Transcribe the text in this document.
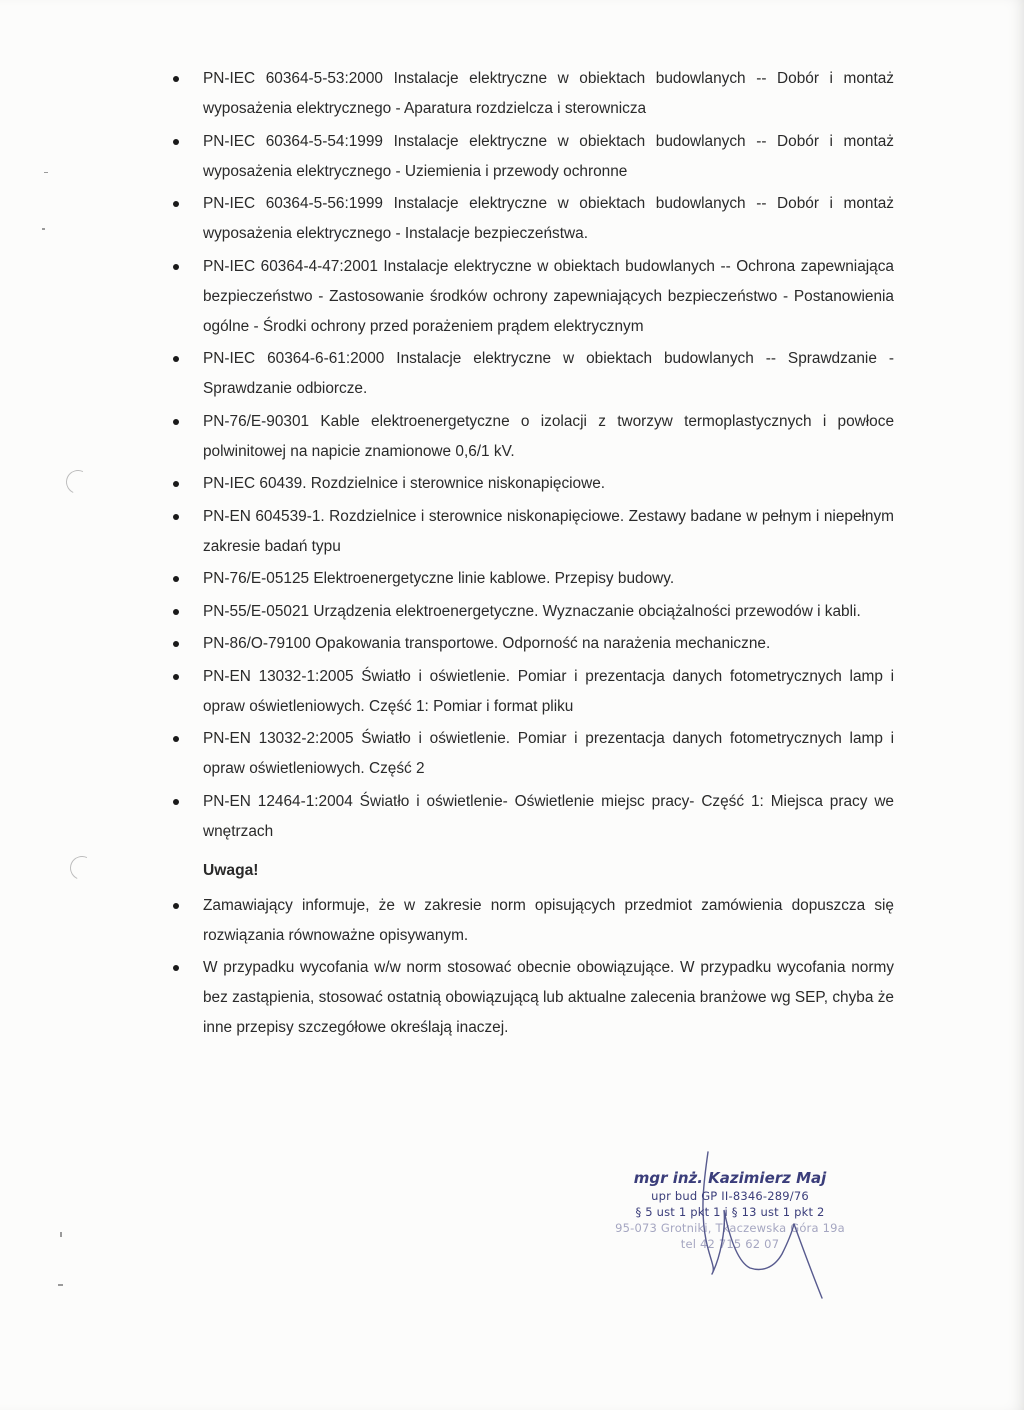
PN-IEC 60364-5-53:2000 Instalacje elektryczne w obiektach budowlanych -- Dobór i montaż wyposażenia elektrycznego - Aparatura rozdzielcza i sterownicza
PN-IEC 60364-5-54:1999 Instalacje elektryczne w obiektach budowlanych -- Dobór i montaż wyposażenia elektrycznego - Uziemienia i przewody ochronne
PN-IEC 60364-5-56:1999 Instalacje elektryczne w obiektach budowlanych -- Dobór i montaż wyposażenia elektrycznego - Instalacje bezpieczeństwa.
PN-IEC 60364-4-47:2001 Instalacje elektryczne w obiektach budowlanych -- Ochrona zapewniająca bezpieczeństwo - Zastosowanie środków ochrony zapewniających bezpieczeństwo - Postanowienia ogólne - Środki ochrony przed porażeniem prądem elektrycznym
PN-IEC 60364-6-61:2000 Instalacje elektryczne w obiektach budowlanych -- Sprawdzanie - Sprawdzanie odbiorcze.
PN-76/E-90301 Kable elektroenergetyczne o izolacji z tworzyw termoplastycznych i powłoce polwinitowej na napicie znamionowe 0,6/1 kV.
PN-IEC 60439. Rozdzielnice i sterownice niskonapięciowe.
PN-EN 604539-1. Rozdzielnice i sterownice niskonapięciowe. Zestawy badane w pełnym i niepełnym zakresie badań typu
PN-76/E-05125 Elektroenergetyczne linie kablowe. Przepisy budowy.
PN-55/E-05021 Urządzenia elektroenergetyczne. Wyznaczanie obciążalności przewodów i kabli.
PN-86/O-79100 Opakowania transportowe. Odporność na narażenia mechaniczne.
PN-EN 13032-1:2005 Światło i oświetlenie. Pomiar i prezentacja danych fotometrycznych lamp i opraw oświetleniowych. Część 1: Pomiar i format pliku
PN-EN 13032-2:2005 Światło i oświetlenie. Pomiar i prezentacja danych fotometrycznych lamp i opraw oświetleniowych. Część 2
PN-EN 12464-1:2004 Światło i oświetlenie- Oświetlenie miejsc pracy- Część 1: Miejsca pracy we wnętrzach
Uwaga!
Zamawiający informuje, że w zakresie norm opisujących przedmiot zamówienia dopuszcza się rozwiązania równoważne opisywanym.
W przypadku wycofania w/w norm stosować obecnie obowiązujące. W przypadku wycofania normy bez zastąpienia, stosować ostatnią obowiązującą lub aktualne zalecenia branżowe wg SEP, chyba że inne przepisy szczegółowe określają inaczej.
mgr inż. Kazimierz Maj
upr bud GP II-8346-289/76
§ 5 ust 1 pkt 1 i § 13 ust 1 pkt 2
95-073 Grotniki, Tkaczewska Góra 19a
tel 42 715 62 07
